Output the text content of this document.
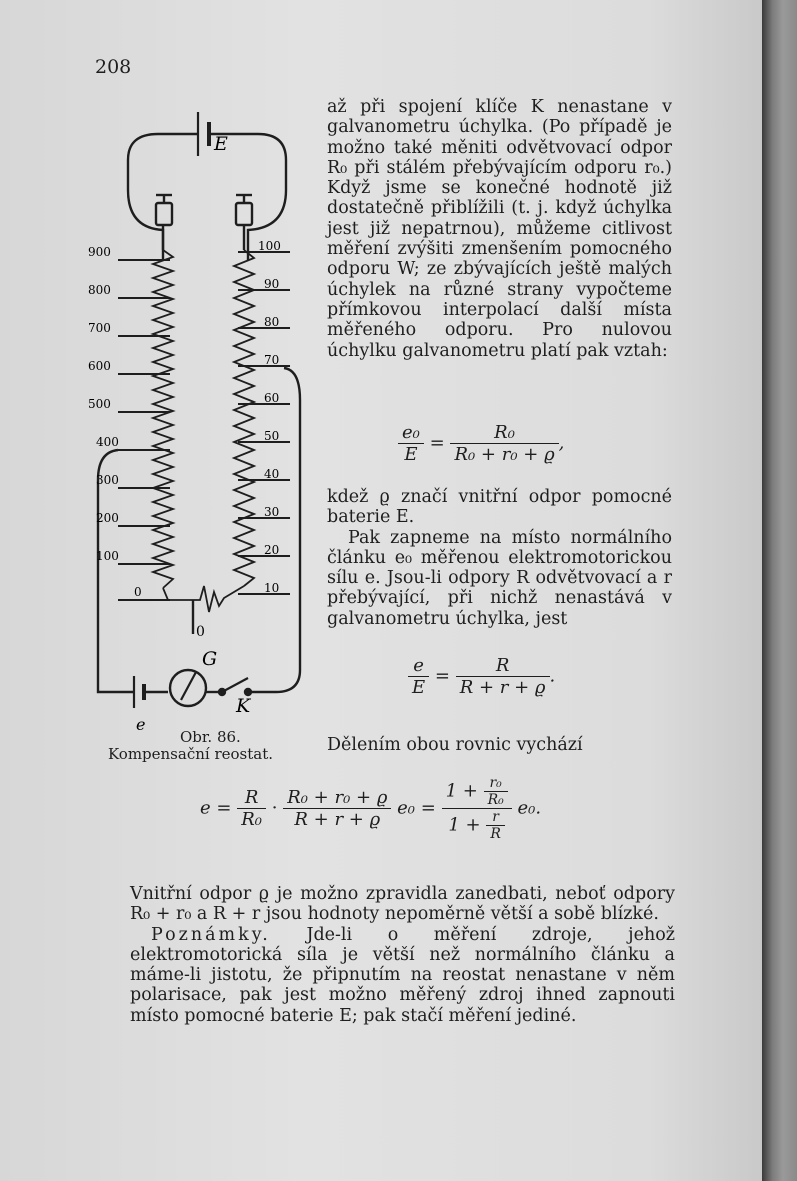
208
900
800
700
600
500
400
300
200
100
0
100
90
80
70
60
50
40
30
20
10
E
G
K
0
e
Obr. 86.
Kompensační reostat.

až při spojení klíče K nenastane v galvanometru úchylka. (Po případě je možno také měniti odvětvovací odpor R₀ při stálém přebývajícím odporu r₀.) Když jsme se konečné hodnotě již dostatečně přiblížili (t. j. když úchylka jest již nepatrnou), můžeme citlivost měření zvýšiti zmenšením pomocného odporu W; ze zbývajících ještě malých úchylek na různé strany vypočteme přímkovou interpolací další místa měřeného odporu. Pro nulovou úchylku galvanometru platí pak vztah:

$\frac{\text{e₀}}{E} = \frac{\text{R₀}}{\text{R₀ + r₀ + ϱ}}$ ,

kdež ϱ značí vnitřní odpor pomocné baterie E.

Pak zapneme na místo normálního článku e₀ měřenou elektromotorickou sílu e. Jsou-li odpory R odvětvovací a r přebývající, při nichž nenastává v galvanometru úchylka, jest

$\frac{e}{E} = \frac{R}{R + r + ϱ}$ .

Dělením obou rovnic vychází

$e = \frac{R}{\text{R₀}} \cdot \frac{\text{R₀ + r₀ + ϱ}}{R + r + ϱ} e_0 = \frac{1 + \frac{\text{r₀}}{\text{R₀}}}{1 + \frac{r}{R}} e_0$.

Vnitřní odpor ϱ je možno zpravidla zanedbati, neboť odpory R₀ + r₀ a R + r jsou hodnoty nepoměrně větší a sobě blízké.

Poznámky. Jde-li o měření zdroje, jehož elektromotorická síla je větší než normálního článku a máme-li jistotu, že připnutím na reostat nenastane v něm polarisace, pak jest možno měřený zdroj ihned zapnouti místo pomocné baterie E; pak stačí měření jediné.
